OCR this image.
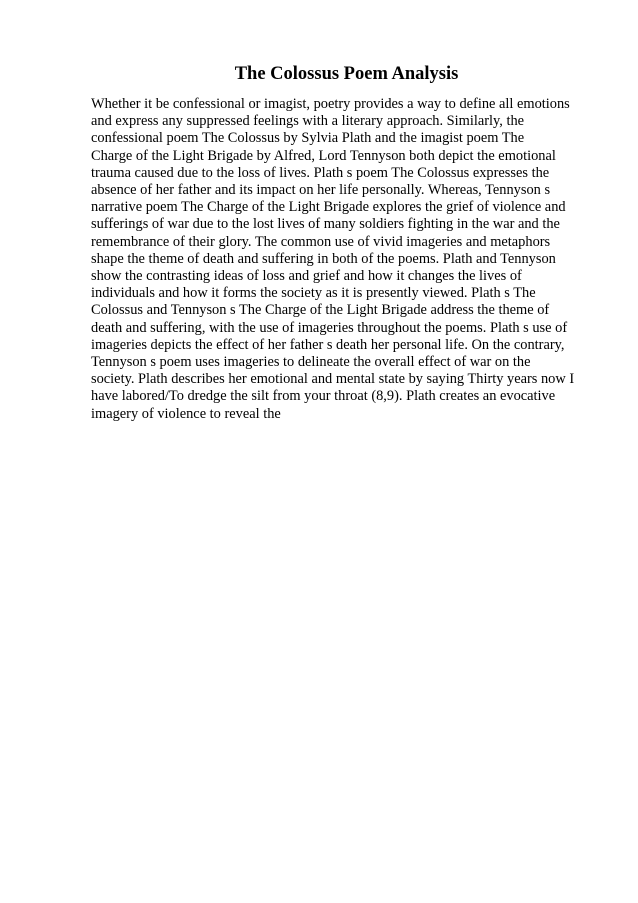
The Colossus Poem Analysis
Whether it be confessional or imagist, poetry provides a way to define all emotions
and express any suppressed feelings with a literary approach. Similarly, the
confessional poem The Colossus by Sylvia Plath and the imagist poem The
Charge of the Light Brigade by Alfred, Lord Tennyson both depict the emotional
trauma caused due to the loss of lives. Plath s poem The Colossus expresses the
absence of her father and its impact on her life personally. Whereas, Tennyson s
narrative poem The Charge of the Light Brigade explores the grief of violence and
sufferings of war due to the lost lives of many soldiers fighting in the war and the
remembrance of their glory. The common use of vivid imageries and metaphors
shape the theme of death and suffering in both of the poems. Plath and Tennyson
show the contrasting ideas of loss and grief and how it changes the lives of
individuals and how it forms the society as it is presently viewed. Plath s The
Colossus and Tennyson s The Charge of the Light Brigade address the theme of
death and suffering, with the use of imageries throughout the poems. Plath s use of
imageries depicts the effect of her father s death her personal life. On the contrary,
Tennyson s poem uses imageries to delineate the overall effect of war on the
society. Plath describes her emotional and mental state by saying Thirty years now I
have labored/To dredge the silt from your throat (8,9). Plath creates an evocative
imagery of violence to reveal the
